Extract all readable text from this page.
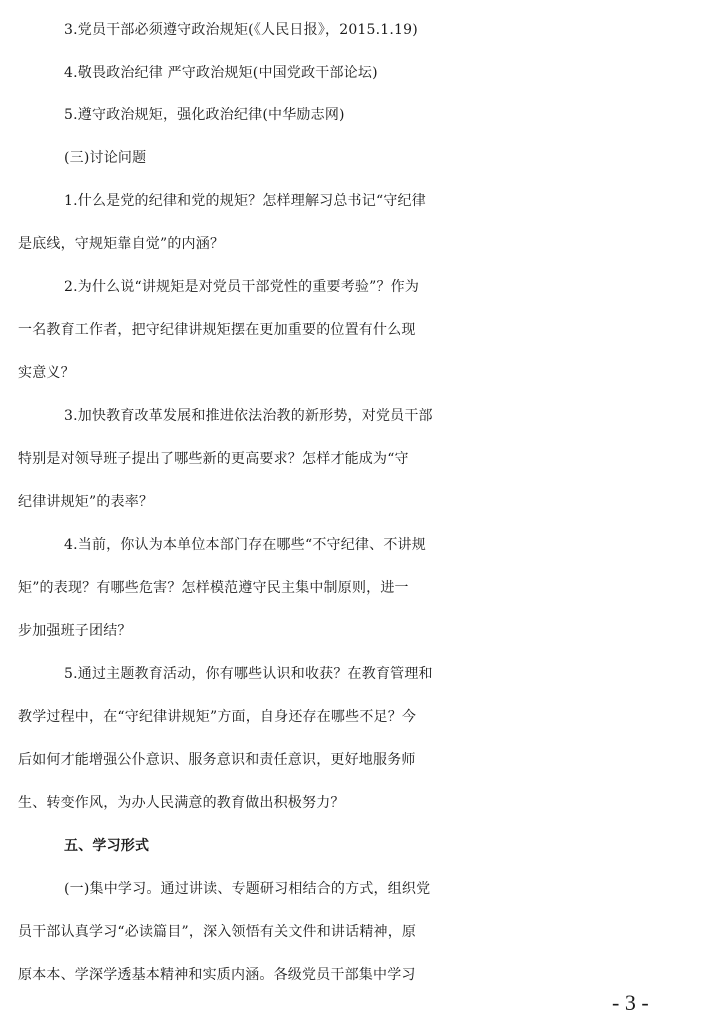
3.党员干部必须遵守政治规矩(《人民日报》，2015.1.19)
4.敬畏政治纪律 严守政治规矩(中国党政干部论坛)
5.遵守政治规矩，强化政治纪律(中华励志网)
(三)讨论问题
1.什么是党的纪律和党的规矩？怎样理解习总书记“守纪律
是底线，守规矩靠自觉”的内涵？
2.为什么说“讲规矩是对党员干部党性的重要考验”？作为
一名教育工作者，把守纪律讲规矩摆在更加重要的位置有什么现
实意义？
3.加快教育改革发展和推进依法治教的新形势，对党员干部
特别是对领导班子提出了哪些新的更高要求？怎样才能成为“守
纪律讲规矩”的表率？
4.当前，你认为本单位本部门存在哪些“不守纪律、不讲规
矩”的表现？有哪些危害？怎样模范遵守民主集中制原则，进一
步加强班子团结？
5.通过主题教育活动，你有哪些认识和收获？在教育管理和
教学过程中，在“守纪律讲规矩”方面，自身还存在哪些不足？今
后如何才能增强公仆意识、服务意识和责任意识，更好地服务师
生、转变作风，为办人民满意的教育做出积极努力？
五、学习形式
(一)集中学习。通过讲读、专题研习相结合的方式，组织党
员干部认真学习“必读篇目”，深入领悟有关文件和讲话精神，原
原本本、学深学透基本精神和实质内涵。各级党员干部集中学习
- 3 -
